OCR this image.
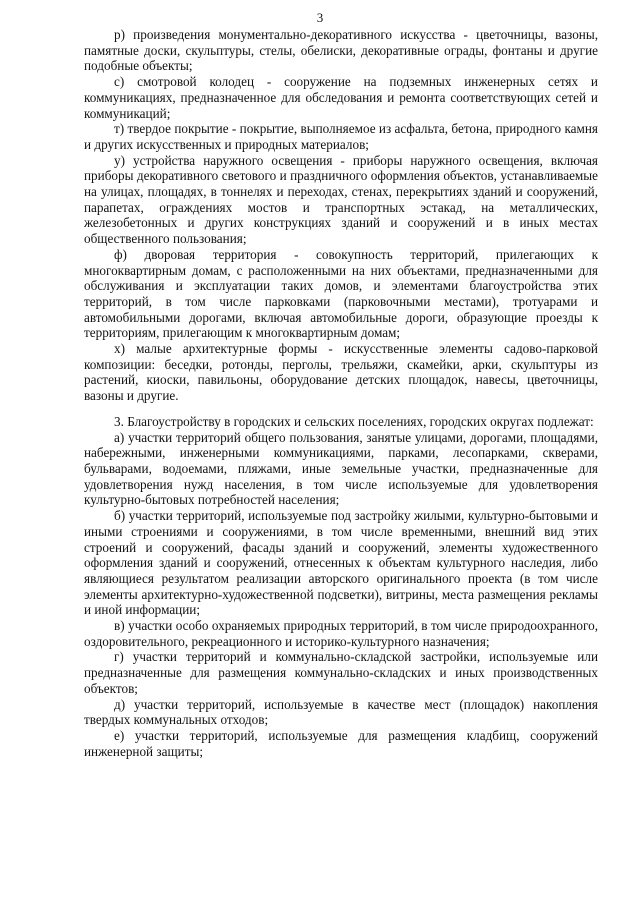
3

р) произведения монументально-декоративного искусства - цветочницы, вазоны, памятные доски, скульптуры, стелы, обелиски, декоративные ограды, фонтаны и другие подобные объекты;

с) смотровой колодец - сооружение на подземных инженерных сетях и коммуникациях, предназначенное для обследования и ремонта соответствующих сетей и коммуникаций;

т) твердое покрытие - покрытие, выполняемое из асфальта, бетона, природного камня и других искусственных и природных материалов;

у) устройства наружного освещения - приборы наружного освещения, включая приборы декоративного светового и праздничного оформления объектов, устанавливаемые на улицах, площадях, в тоннелях и переходах, стенах, перекрытиях зданий и сооружений, парапетах, ограждениях мостов и транспортных эстакад, на металлических, железобетонных и других конструкциях зданий и сооружений и в иных местах общественного пользования;

ф) дворовая территория - совокупность территорий, прилегающих к многоквартирным домам, с расположенными на них объектами, предназначенными для обслуживания и эксплуатации таких домов, и элементами благоустройства этих территорий, в том числе парковками (парковочными местами), тротуарами и автомобильными дорогами, включая автомобильные дороги, образующие проезды к территориям, прилегающим к многоквартирным домам;

х) малые архитектурные формы - искусственные элементы садово-парковой композиции: беседки, ротонды, перголы, трельяжи, скамейки, арки, скульптуры из растений, киоски, павильоны, оборудование детских площадок, навесы, цветочницы, вазоны и другие.

3. Благоустройству в городских и сельских поселениях, городских округах подлежат:

а) участки территорий общего пользования, занятые улицами, дорогами, площадями, набережными, инженерными коммуникациями, парками, лесопарками, скверами, бульварами, водоемами, пляжами, иные земельные участки, предназначенные для удовлетворения нужд населения, в том числе используемые для удовлетворения культурно-бытовых потребностей населения;

б) участки территорий, используемые под застройку жилыми, культурно-бытовыми и иными строениями и сооружениями, в том числе временными, внешний вид этих строений и сооружений, фасады зданий и сооружений, элементы художественного оформления зданий и сооружений, отнесенных к объектам культурного наследия, либо являющиеся результатом реализации авторского оригинального проекта (в том числе элементы архитектурно-художественной подсветки), витрины, места размещения рекламы и иной информации;

в) участки особо охраняемых природных территорий, в том числе природоохранного, оздоровительного, рекреационного и историко-культурного назначения;

г) участки территорий и коммунально-складской застройки, используемые или предназначенные для размещения коммунально-складских и иных производственных объектов;

д) участки территорий, используемые в качестве мест (площадок) накопления твердых коммунальных отходов;

е) участки территорий, используемые для размещения кладбищ, сооружений инженерной защиты;
